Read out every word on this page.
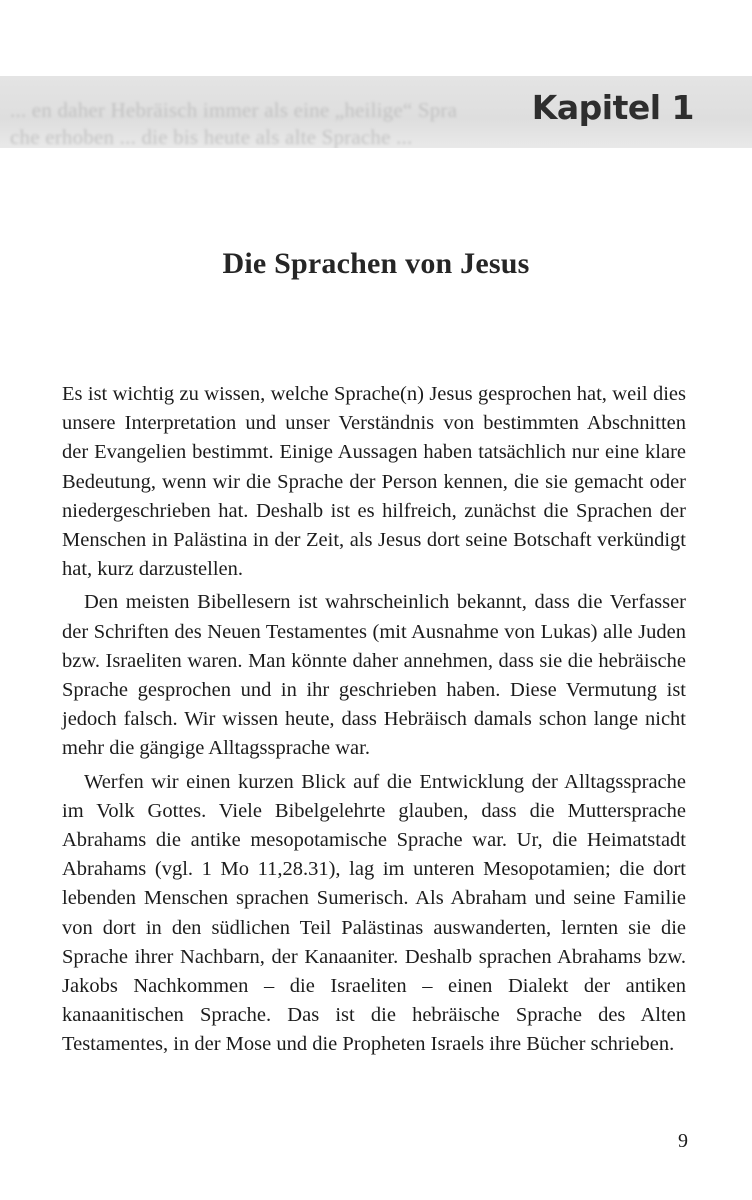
... en daher Hebräisch immer als eine „heilige“ Spra
che erhoben ... die bis heute als alte Sprache ...
Kapitel 1
Die Sprachen von Jesus

Es ist wichtig zu wissen, welche Sprache(n) Jesus gesprochen hat, weil dies unsere Interpretation und unser Verständnis von bestimmten Abschnitten der Evangelien bestimmt. Einige Aussagen haben tatsächlich nur eine klare Bedeutung, wenn wir die Sprache der Person kennen, die sie gemacht oder niedergeschrieben hat. Deshalb ist es hilfreich, zunächst die Sprachen der Menschen in Palästina in der Zeit, als Jesus dort seine Botschaft verkündigt hat, kurz darzustellen.

Den meisten Bibellesern ist wahrscheinlich bekannt, dass die Verfasser der Schriften des Neuen Testamentes (mit Ausnahme von Lukas) alle Juden bzw. Israeliten waren. Man könnte daher annehmen, dass sie die hebräische Sprache gesprochen und in ihr geschrieben haben. Diese Vermutung ist jedoch falsch. Wir wissen heute, dass Hebräisch damals schon lange nicht mehr die gängige Alltagssprache war.

Werfen wir einen kurzen Blick auf die Entwicklung der Alltagssprache im Volk Gottes. Viele Bibelgelehrte glauben, dass die Muttersprache Abrahams die antike mesopotamische Sprache war. Ur, die Heimatstadt Abrahams (vgl. 1 Mo 11,28.31), lag im unteren Mesopotamien; die dort lebenden Menschen sprachen Sumerisch. Als Abraham und seine Familie von dort in den südlichen Teil Palästinas auswanderten, lernten sie die Sprache ihrer Nachbarn, der Kanaaniter. Deshalb sprachen Abrahams bzw. Jakobs Nachkommen – die Israeliten – einen Dialekt der antiken kanaanitischen Sprache. Das ist die hebräische Sprache des Alten Testamentes, in der Mose und die Propheten Israels ihre Bücher schrieben.

9
